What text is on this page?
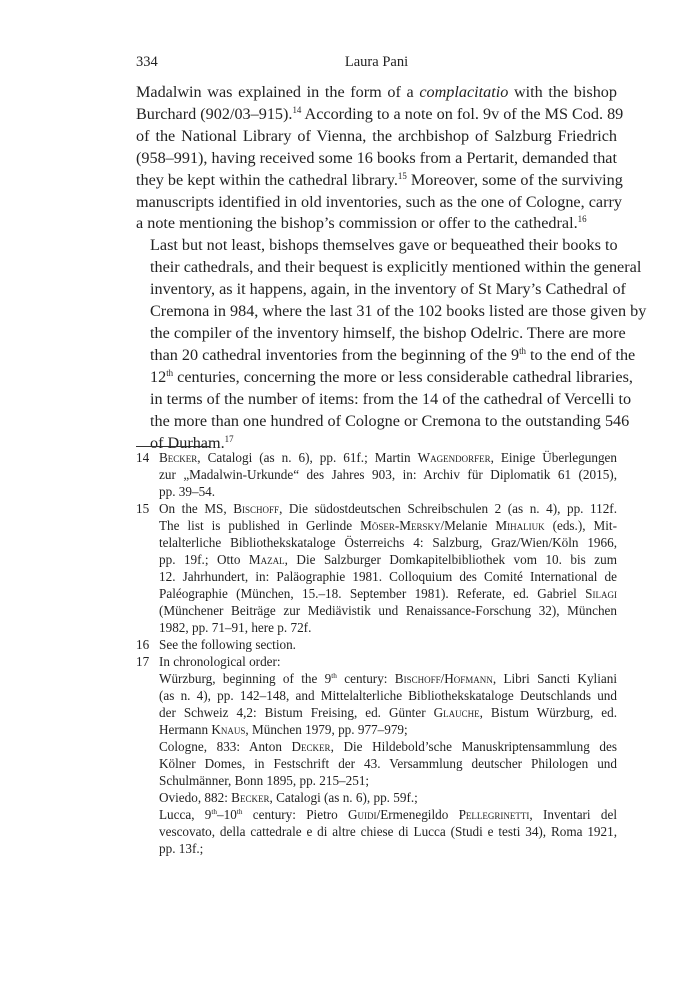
334	Laura Pani

Madalwin was explained in the form of a complacitatio with the bishop
Burchard (902/03–915).$^{14}$ According to a note on fol. 9v of the MS Cod. 89
of the National Library of Vienna, the archbishop of Salzburg Friedrich
(958–991), having received some 16 books from a Pertarit, demanded that
they be kept within the cathedral library.$^{15}$ Moreover, some of the surviving
manuscripts identified in old inventories, such as the one of Cologne, carry
a note mentioning the bishop’s commission or offer to the cathedral.$^{16}$

Last but not least, bishops themselves gave or bequeathed their books to
their cathedrals, and their bequest is explicitly mentioned within the general
inventory, as it happens, again, in the inventory of St Mary’s Cathedral of
Cremona in 984, where the last 31 of the 102 books listed are those given by
the compiler of the inventory himself, the bishop Odelric. There are more
than 20 cathedral inventories from the beginning of the 9th to the end of the
12th centuries, concerning the more or less considerable cathedral libraries,
in terms of the number of items: from the 14 of the cathedral of Vercelli to
the more than one hundred of Cologne or Cremona to the outstanding 546
of Durham.$^{17}$

14 Becker, Catalogi (as n. 6), pp. 61f.; Martin Wagendorfer, Einige Überlegungen
zur „Madalwin-Urkunde“ des Jahres 903, in: Archiv für Diplomatik 61 (2015),
pp. 39–54.
15 On the MS, Bischoff, Die südostdeutschen Schreibschulen 2 (as n. 4), pp. 112f.
The list is published in Gerlinde Möser-Mersky/Melanie Mihaliuk (eds.), Mit-
telalterliche Bibliothekskataloge Österreichs 4: Salzburg, Graz/Wien/Köln 1966,
pp. 19f.; Otto Mazal, Die Salzburger Domkapitelbibliothek vom 10. bis zum
12. Jahrhundert, in: Paläographie 1981. Colloquium des Comité International de
Paléographie (München, 15.–18. September 1981). Referate, ed. Gabriel Silagi
(Münchener Beiträge zur Mediävistik und Renaissance-Forschung 32), München
1982, pp. 71–91, here p. 72f.
16 See the following section.
17 In chronological order:
Würzburg, beginning of the 9th century: Bischoff/Hofmann, Libri Sancti Kyliani
(as n. 4), pp. 142–148, and Mittelalterliche Bibliothekskataloge Deutschlands und
der Schweiz 4,2: Bistum Freising, ed. Günter Glauche, Bistum Würzburg, ed.
Hermann Knaus, München 1979, pp. 977–979;
Cologne, 833: Anton Decker, Die Hildebold’sche Manuskriptensammlung des
Kölner Domes, in Festschrift der 43. Versammlung deutscher Philologen und
Schulmänner, Bonn 1895, pp. 215–251;
Oviedo, 882: Becker, Catalogi (as n. 6), pp. 59f.;
Lucca, 9th–10th century: Pietro Guidi/Ermenegildo Pellegrinetti, Inventari del
vescovato, della cattedrale e di altre chiese di Lucca (Studi e testi 34), Roma 1921,
pp. 13f.;
